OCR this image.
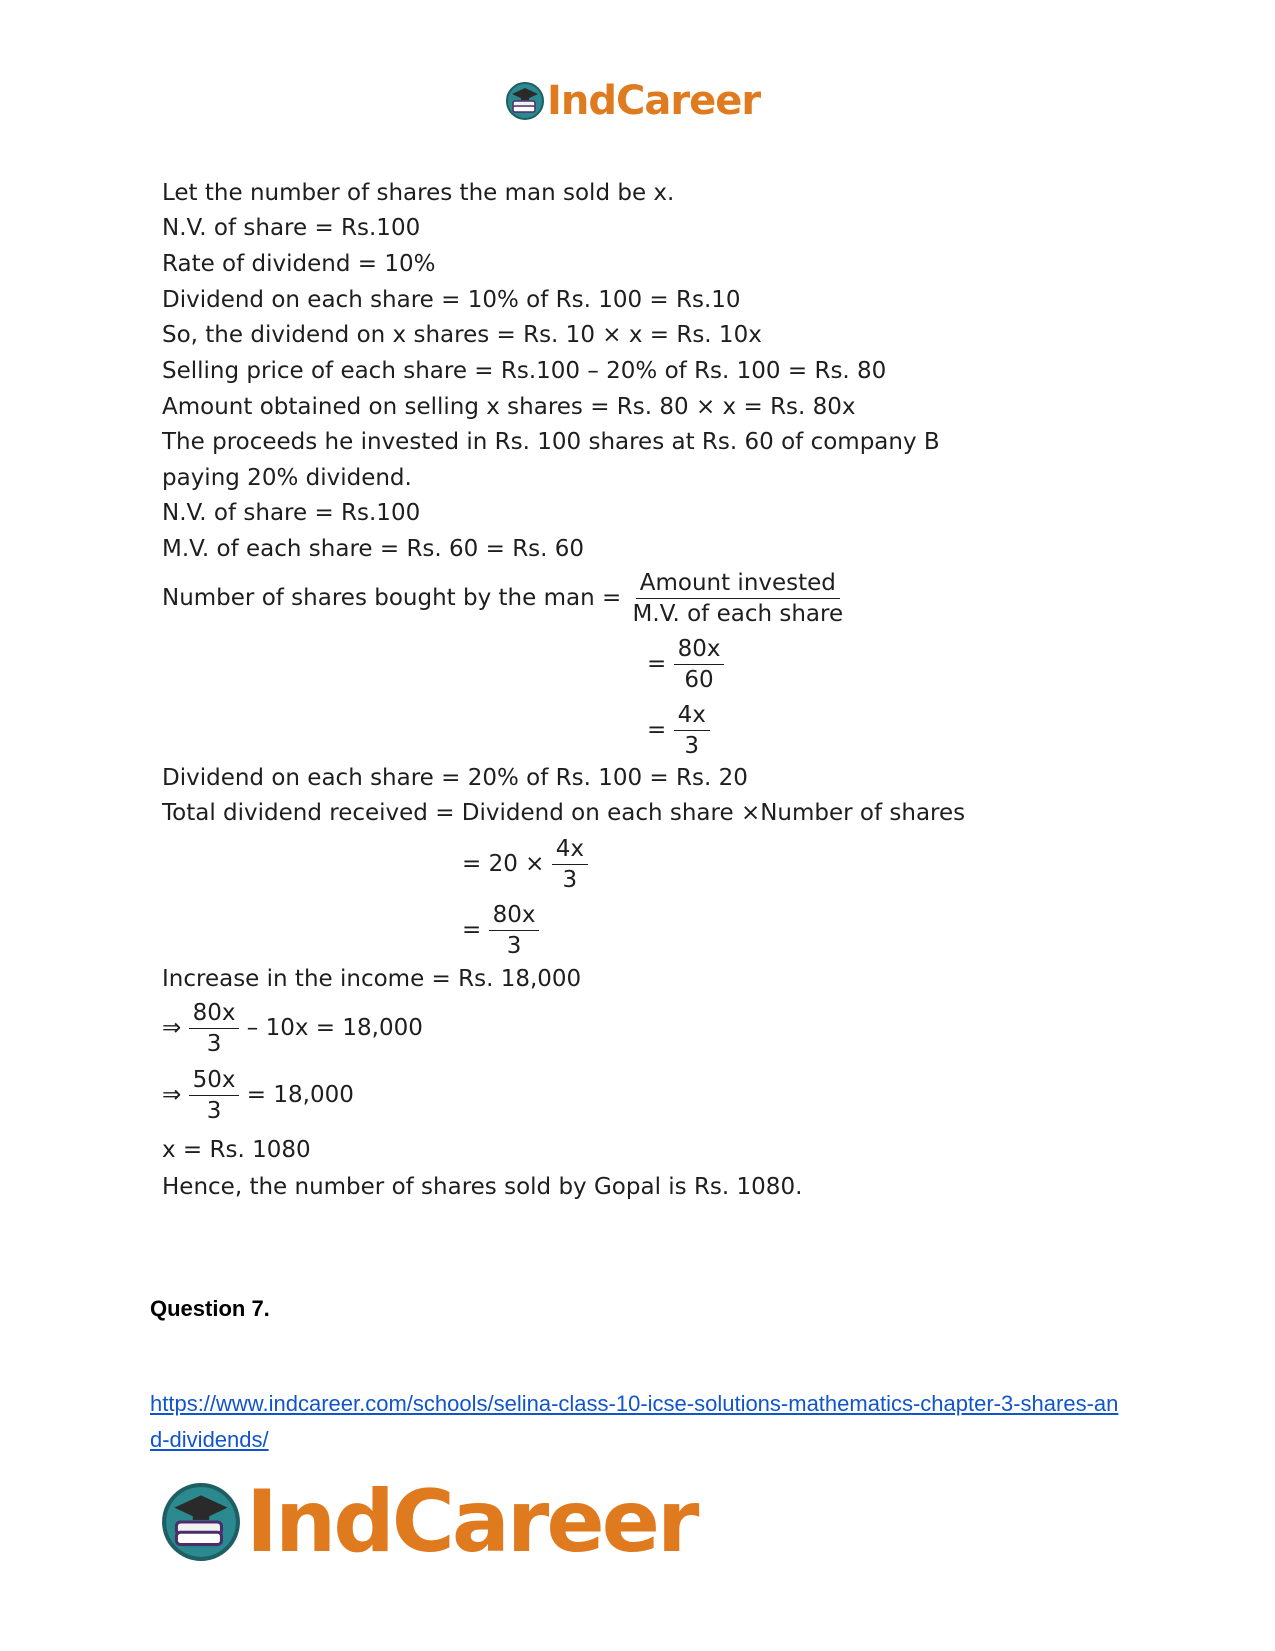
IndCareer
Let the number of shares the man sold be x.
N.V. of share = Rs.100
Rate of dividend = 10%
Dividend on each share = 10% of Rs. 100 = Rs.10
So, the dividend on x shares = Rs. 10 × x = Rs. 10x
Selling price of each share = Rs.100 – 20% of Rs. 100 = Rs. 80
Amount obtained on selling x shares = Rs. 80 × x = Rs. 80x
The proceeds he invested in Rs. 100 shares at Rs. 60 of company B
paying 20% dividend.
N.V. of share = Rs.100
M.V. of each share = Rs. 60 = Rs. 60
Number of shares bought by the man = $\frac{\text{Amount invested}}{\text{M.V. of each share}}$
= $\frac{80x}{60}$
= $\frac{4x}{3}$
Dividend on each share = 20% of Rs. 100 = Rs. 20
Total dividend received = Dividend on each share ×Number of shares
= $20 \times \frac{4x}{3}$
= $\frac{80x}{3}$
Increase in the income = Rs. 18,000
⇒ $\frac{80x}{3} - 10x = 18,000$
⇒ $\frac{50x}{3} = 18,000$
x = Rs. 1080
Hence, the number of shares sold by Gopal is Rs. 1080.
Question 7.
https://www.indcareer.com/schools/selina-class-10-icse-solutions-mathematics-chapter-3-shares-and-dividends/
IndCareer
